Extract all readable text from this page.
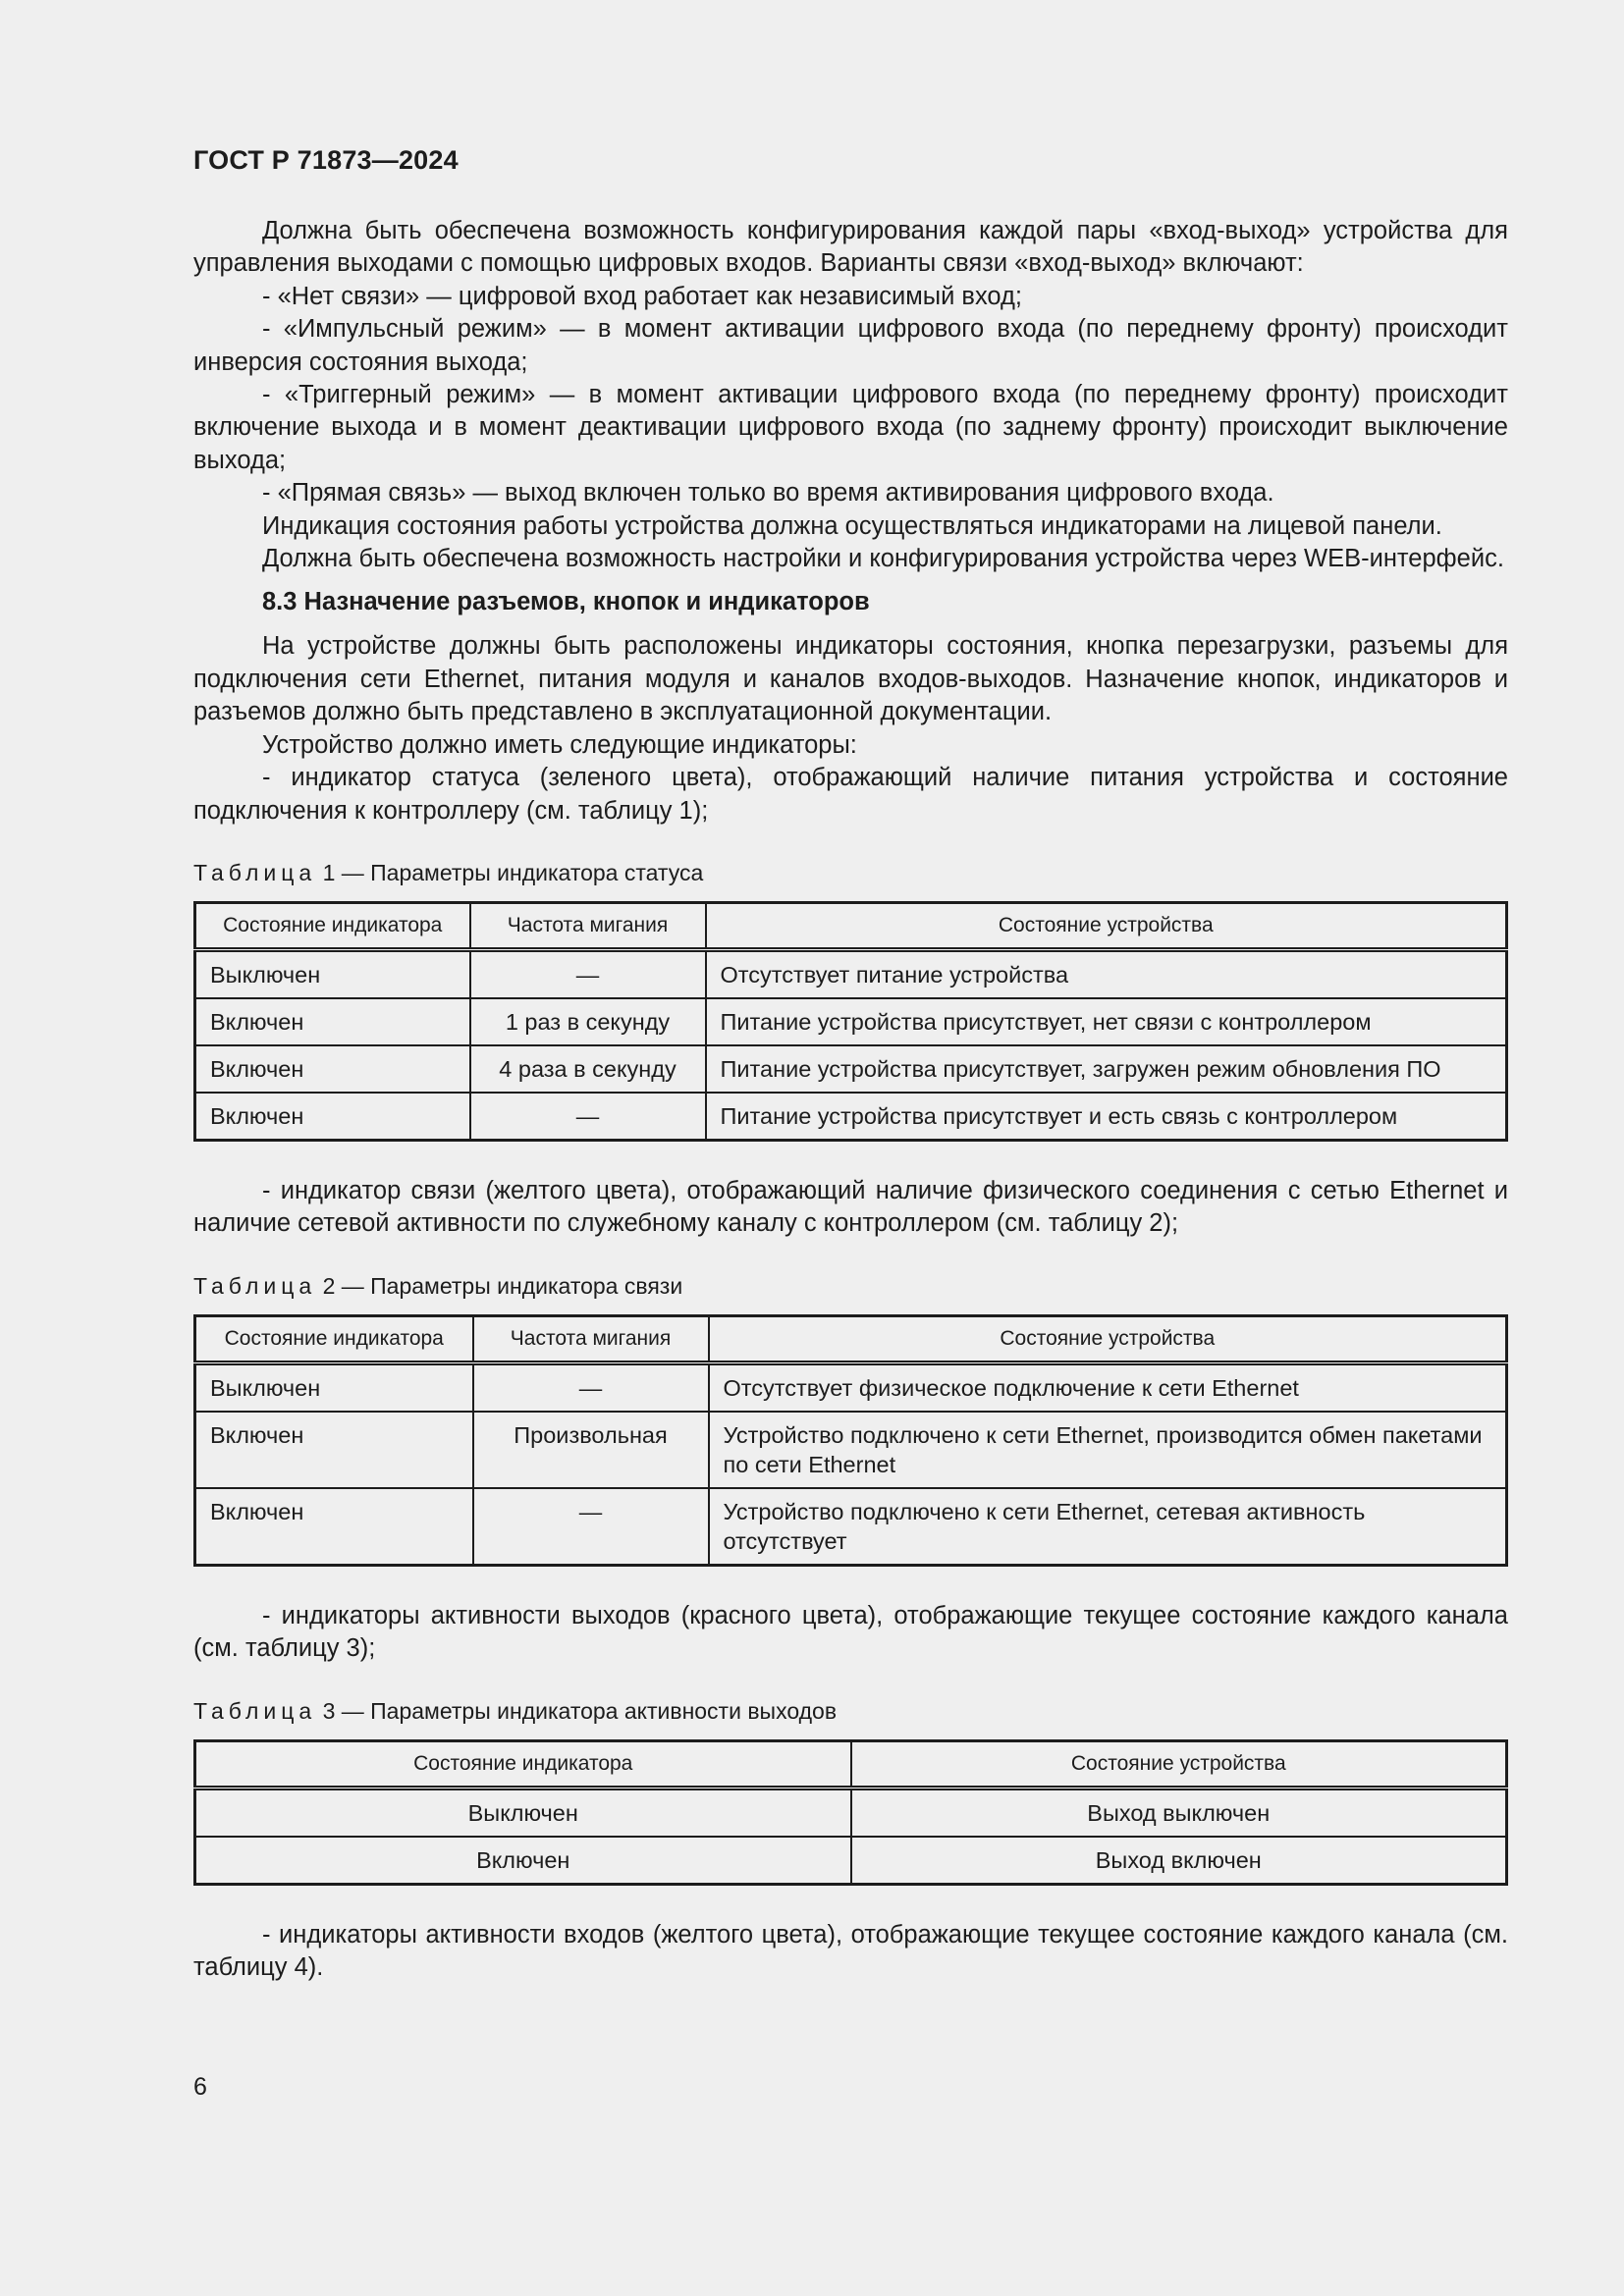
ГОСТ Р 71873—2024

Должна быть обеспечена возможность конфигурирования каждой пары «вход-выход» устройства для управления выходами с помощью цифровых входов. Варианты связи «вход-выход» включают:

- «Нет связи» — цифровой вход работает как независимый вход;

- «Импульсный режим» — в момент активации цифрового входа (по переднему фронту) происходит инверсия состояния выхода;

- «Триггерный режим» — в момент активации цифрового входа (по переднему фронту) происходит включение выхода и в момент деактивации цифрового входа (по заднему фронту) происходит выключение выхода;

- «Прямая связь» — выход включен только во время активирования цифрового входа.

Индикация состояния работы устройства должна осуществляться индикаторами на лицевой панели.

Должна быть обеспечена возможность настройки и конфигурирования устройства через WEB-интерфейс.

8.3 Назначение разъемов, кнопок и индикаторов

На устройстве должны быть расположены индикаторы состояния, кнопка перезагрузки, разъемы для подключения сети Ethernet, питания модуля и каналов входов-выходов. Назначение кнопок, индикаторов и разъемов должно быть представлено в эксплуатационной документации.

Устройство должно иметь следующие индикаторы:

- индикатор статуса (зеленого цвета), отображающий наличие питания устройства и состояние подключения к контроллеру (см. таблицу 1);

Таблица 1 — Параметры индикатора статуса
Состояние индикатора	Частота мигания	Состояние устройства
Выключен	—	Отсутствует питание устройства
Включен	1 раз в секунду	Питание устройства присутствует, нет связи с контроллером
Включен	4 раза в секунду	Питание устройства присутствует, загружен режим обновления ПО
Включен	—	Питание устройства присутствует и есть связь с контроллером

- индикатор связи (желтого цвета), отображающий наличие физического соединения с сетью Ethernet и наличие сетевой активности по служебному каналу с контроллером (см. таблицу 2);

Таблица 2 — Параметры индикатора связи
Состояние индикатора	Частота мигания	Состояние устройства
Выключен	—	Отсутствует физическое подключение к сети Ethernet
Включен	Произвольная	Устройство подключено к сети Ethernet, производится обмен пакетами по сети Ethernet
Включен	—	Устройство подключено к сети Ethernet, сетевая активность отсутствует

- индикаторы активности выходов (красного цвета), отображающие текущее состояние каждого канала (см. таблицу 3);

Таблица 3 — Параметры индикатора активности выходов
Состояние индикатора	Состояние устройства
Выключен	Выход выключен
Включен	Выход включен

- индикаторы активности входов (желтого цвета), отображающие текущее состояние каждого канала (см. таблицу 4).

6
